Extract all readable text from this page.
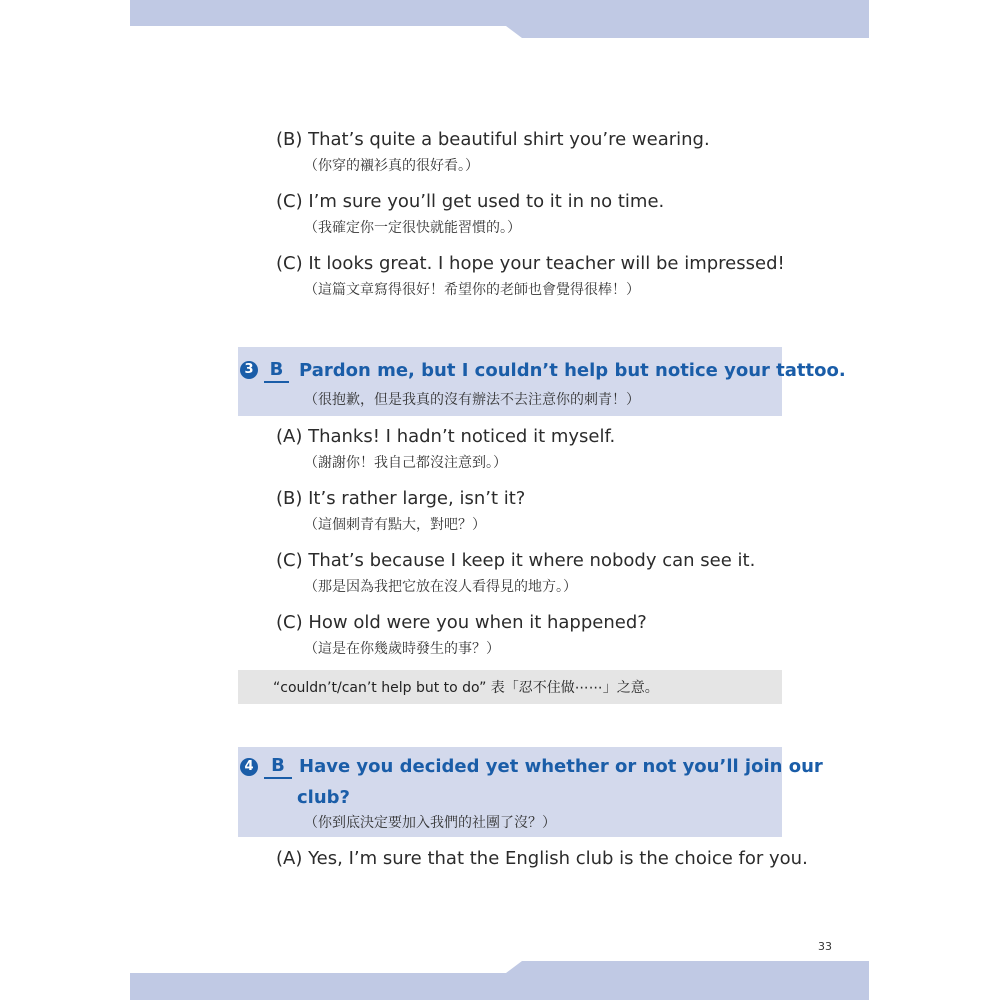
(B) That’s quite a beautiful shirt you’re wearing.
（你穿的襯衫真的很好看。）
(C) I’m sure you’ll get used to it in no time.
（我確定你一定很快就能習慣的。）
(C) It looks great. I hope your teacher will be impressed!
（這篇文章寫得很好！希望你的老師也會覺得很棒！）
3 B Pardon me, but I couldn’t help but notice your tattoo.
（很抱歉，但是我真的沒有辦法不去注意你的刺青！）
(A) Thanks! I hadn’t noticed it myself.
（謝謝你！我自己都沒注意到。）
(B) It’s rather large, isn’t it?
（這個刺青有點大，對吧？）
(C) That’s because I keep it where nobody can see it.
（那是因為我把它放在沒人看得見的地方。）
(C) How old were you when it happened?
（這是在你幾歲時發生的事？）
“couldn’t/can’t help but to do” 表「忍不住做⋯⋯」之意。
4 B Have you decided yet whether or not you’ll join our
club?
（你到底決定要加入我們的社團了沒？）
(A) Yes, I’m sure that the English club is the choice for you.
33
